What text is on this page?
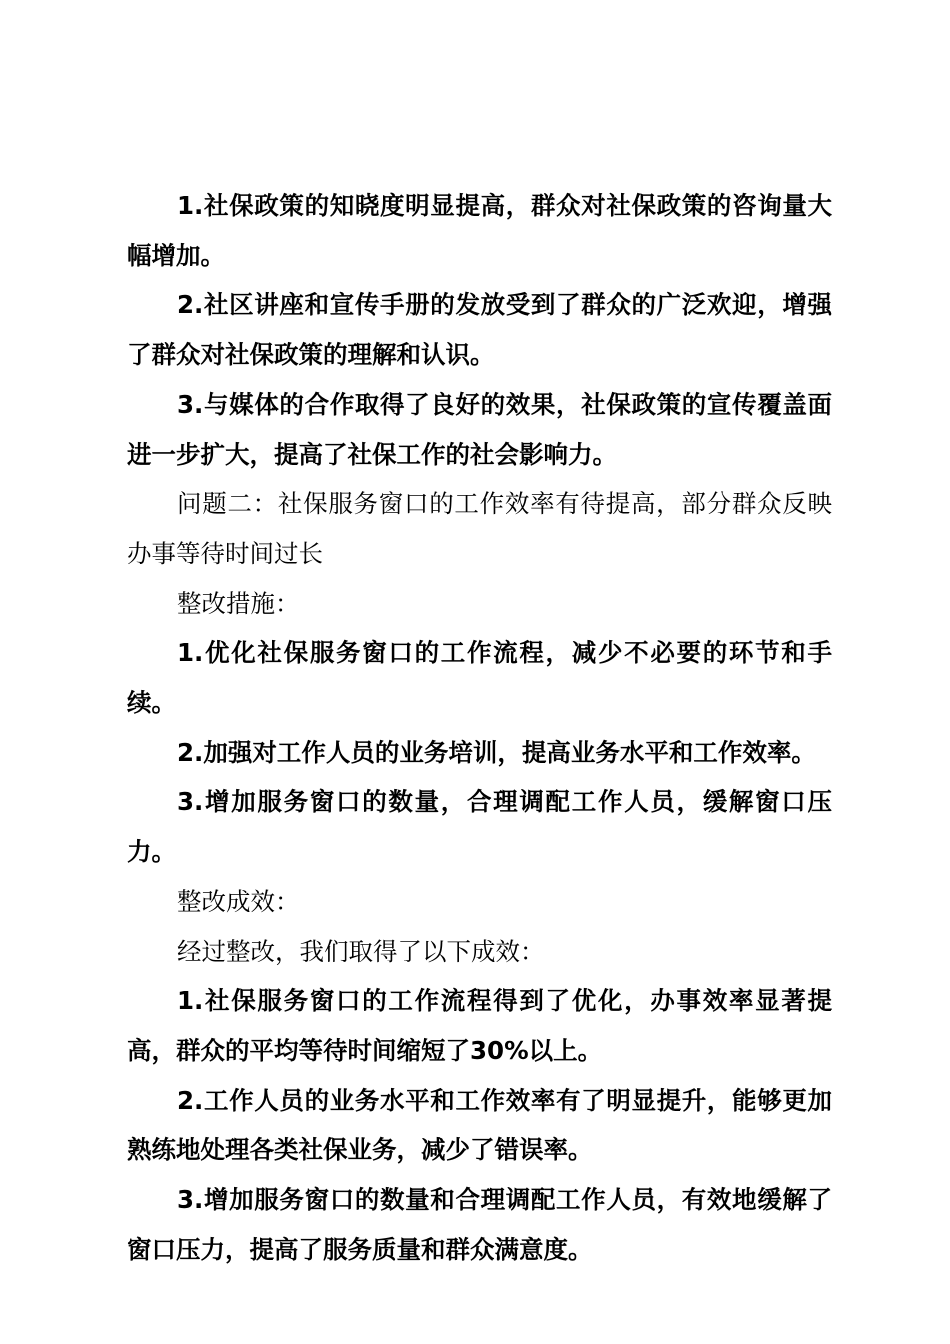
1.社保政策的知晓度明显提高，群众对社保政策的咨询量大幅增加。

2.社区讲座和宣传手册的发放受到了群众的广泛欢迎，增强了群众对社保政策的理解和认识。

3.与媒体的合作取得了良好的效果，社保政策的宣传覆盖面进一步扩大，提高了社保工作的社会影响力。

问题二：社保服务窗口的工作效率有待提高，部分群众反映办事等待时间过长

整改措施：

1.优化社保服务窗口的工作流程，减少不必要的环节和手续。

2.加强对工作人员的业务培训，提高业务水平和工作效率。

3.增加服务窗口的数量，合理调配工作人员，缓解窗口压力。

整改成效：

经过整改，我们取得了以下成效：

1.社保服务窗口的工作流程得到了优化，办事效率显著提高，群众的平均等待时间缩短了30%以上。

2.工作人员的业务水平和工作效率有了明显提升，能够更加熟练地处理各类社保业务，减少了错误率。

3.增加服务窗口的数量和合理调配工作人员，有效地缓解了窗口压力，提高了服务质量和群众满意度。
